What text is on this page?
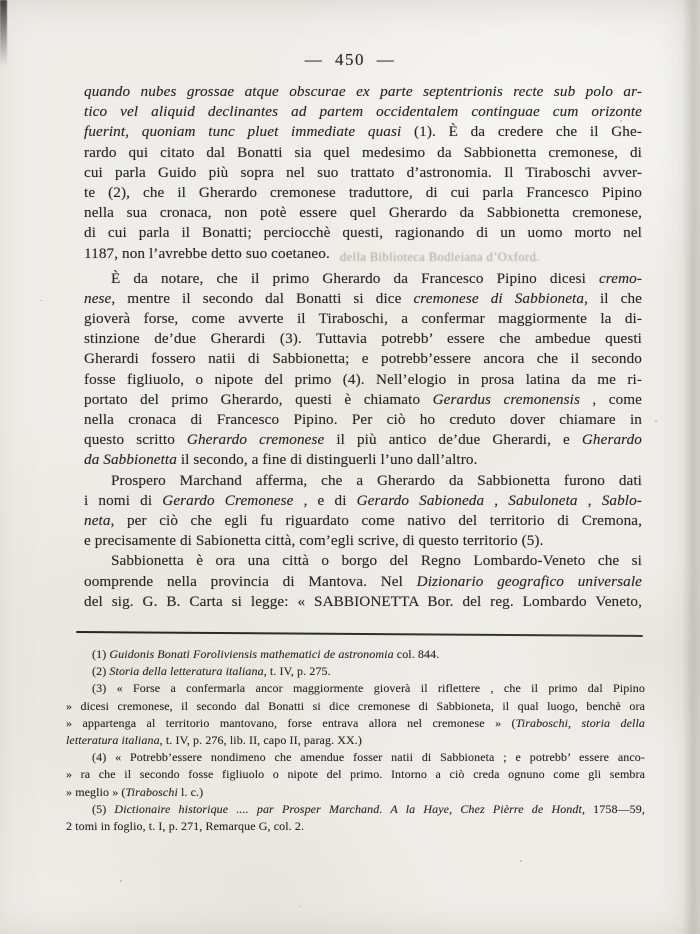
— 450 —
della Biblioteca Bodleiana d’Oxford.
quando nubes grossae atque obscurae ex parte septentrionis recte sub polo ar-
tico vel aliquid declinantes ad partem occidentalem continguae cum orizonte
fuerint, quoniam tunc pluet immediate quasi (1). È da credere che il Ghe-
rardo qui citato dal Bonatti sia quel medesimo da Sabbionetta cremonese, di
cui parla Guido più sopra nel suo trattato d’astronomia. Il Tiraboschi avver-
te (2), che il Gherardo cremonese traduttore, di cui parla Francesco Pipino
nella sua cronaca, non potè essere quel Gherardo da Sabbionetta cremonese,
di cui parla il Bonatti; perciocchè questi, ragionando di un uomo morto nel
1187, non l’avrebbe detto suo coetaneo.
È da notare, che il primo Gherardo da Francesco Pipino dicesi cremo-
nese, mentre il secondo dal Bonatti si dice cremonese di Sabbioneta, il che
gioverà forse, come avverte il Tiraboschi, a confermar maggiormente la di-
stinzione de’due Gherardi (3). Tuttavia potrebb’ essere che ambedue questi
Gherardi fossero natii di Sabbionetta; e potrebb’essere ancora che il secondo
fosse figliuolo, o nipote del primo (4). Nell’elogio in prosa latina da me ri-
portato del primo Gherardo, questi è chiamato Gerardus cremonensis , come
nella cronaca di Francesco Pipino. Per ciò ho creduto dover chiamare in
questo scritto Gherardo cremonese il più antico de’due Gherardi, e Gherardo
da Sabbionetta il secondo, a fine di distinguerli l’uno dall’altro.
Prospero Marchand afferma, che a Gherardo da Sabbionetta furono dati
i nomi di Gerardo Cremonese , e di Gerardo Sabioneda , Sabuloneta , Sablo-
neta, per ciò che egli fu riguardato come nativo del territorio di Cremona,
e precisamente di Sabionetta città, com’egli scrive, di questo territorio (5).
Sabbionetta è ora una città o borgo del Regno Lombardo-Veneto che si
oomprende nella provincia di Mantova. Nel Dizionario geografico universale
del sig. G. B. Carta si legge: « SABBIONETTA Bor. del reg. Lombardo Veneto,
(1) Guidonis Bonati Foroliviensis mathematici de astronomia col. 844.
(2) Storia della letteratura italiana, t. IV, p. 275.
(3) « Forse a confermarla ancor maggiormente gioverà il riflettere , che il primo dal Pipino
» dicesi cremonese, il secondo dal Bonatti si dice cremonese di Sabbioneta, il qual luogo, benchè ora
» appartenga al territorio mantovano, forse entrava allora nel cremonese » (Tiraboschi, storia della
letteratura italiana, t. IV, p. 276, lib. II, capo II, parag. XX.)
(4) « Potrebb’essere nondimeno che amendue fosser natii di Sabbioneta ; e potrebb’ essere anco-
» ra che il secondo fosse figliuolo o nipote del primo. Intorno a ciò creda ognuno come gli sembra
» meglio » (Tiraboschi l. c.)
(5) Dictionaire historique .... par Prosper Marchand. A la Haye, Chez Pièrre de Hondt, 1758—59,
2 tomi in foglio, t. I, p. 271, Remarque G, col. 2.
